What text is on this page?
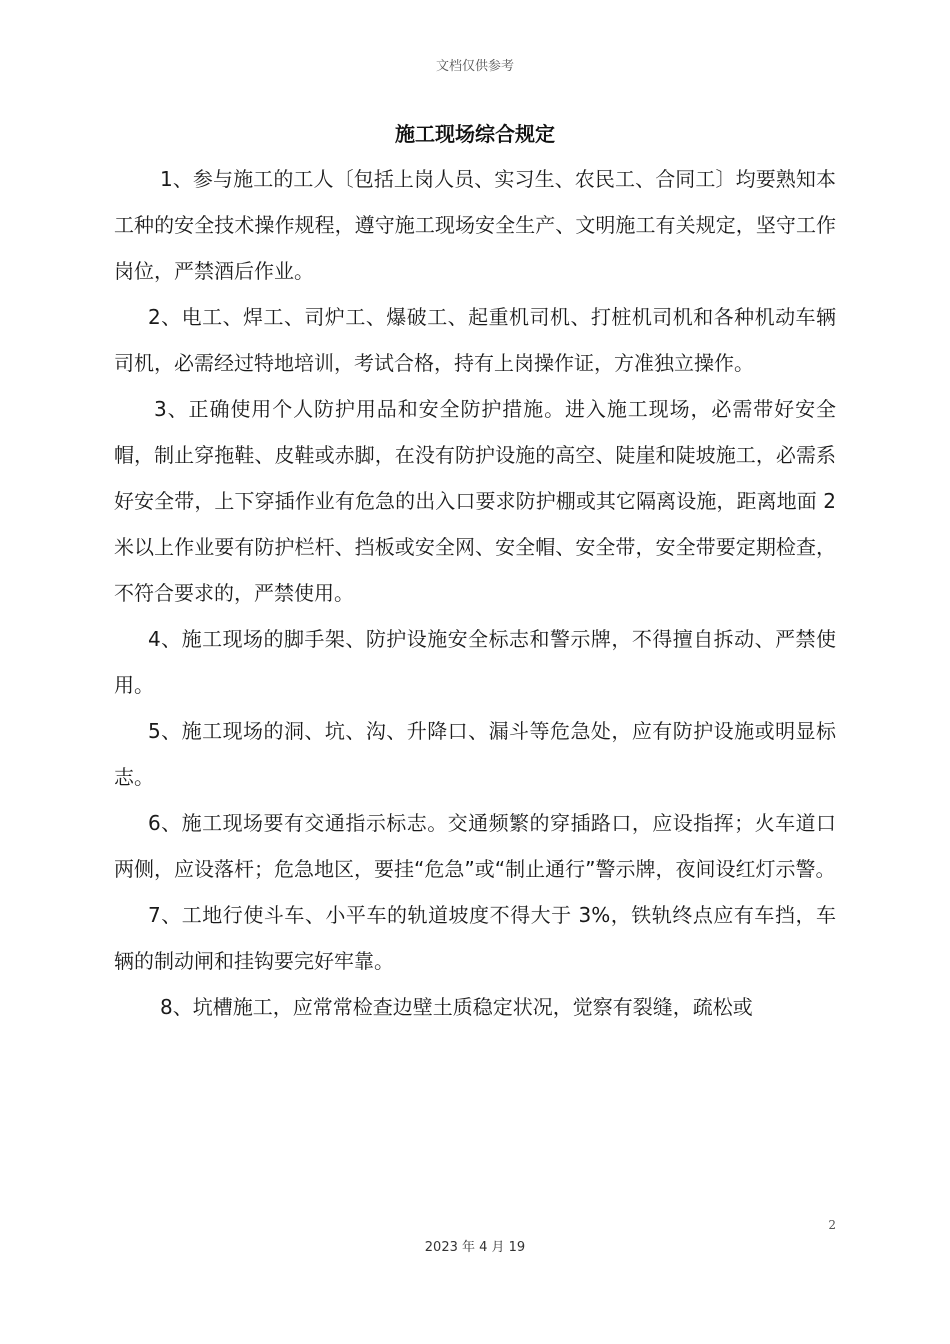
文档仅供参考
施工现场综合规定

1、参与施工的工人〔包括上岗人员、实习生、农民工、合同工〕均要熟知本工种的安全技术操作规程，遵守施工现场安全生产、文明施工有关规定，坚守工作岗位，严禁酒后作业。

2、电工、焊工、司炉工、爆破工、起重机司机、打桩机司机和各种机动车辆司机，必需经过特地培训，考试合格，持有上岗操作证，方准独立操作。

3、正确使用个人防护用品和安全防护措施。进入施工现场，必需带好安全帽，制止穿拖鞋、皮鞋或赤脚，在没有防护设施的高空、陡崖和陡坡施工，必需系好安全带，上下穿插作业有危急的出入口要求防护棚或其它隔离设施，距离地面 2 米以上作业要有防护栏杆、挡板或安全网、安全帽、安全带，安全带要定期检查，不符合要求的，严禁使用。

4、施工现场的脚手架、防护设施安全标志和警示牌，不得擅自拆动、严禁使用。

5、施工现场的洞、坑、沟、升降口、漏斗等危急处，应有防护设施或明显标志。

6、施工现场要有交通指示标志。交通频繁的穿插路口，应设指挥；火车道口两侧，应设落杆；危急地区，要挂“危急”或“制止通行”警示牌，夜间设红灯示警。

7、工地行使斗车、小平车的轨道坡度不得大于 3%，铁轨终点应有车挡，车辆的制动闸和挂钩要完好牢靠。

8、坑槽施工，应常常检查边壁土质稳定状况，觉察有裂缝，疏松或

2
2023 年 4 月 19
